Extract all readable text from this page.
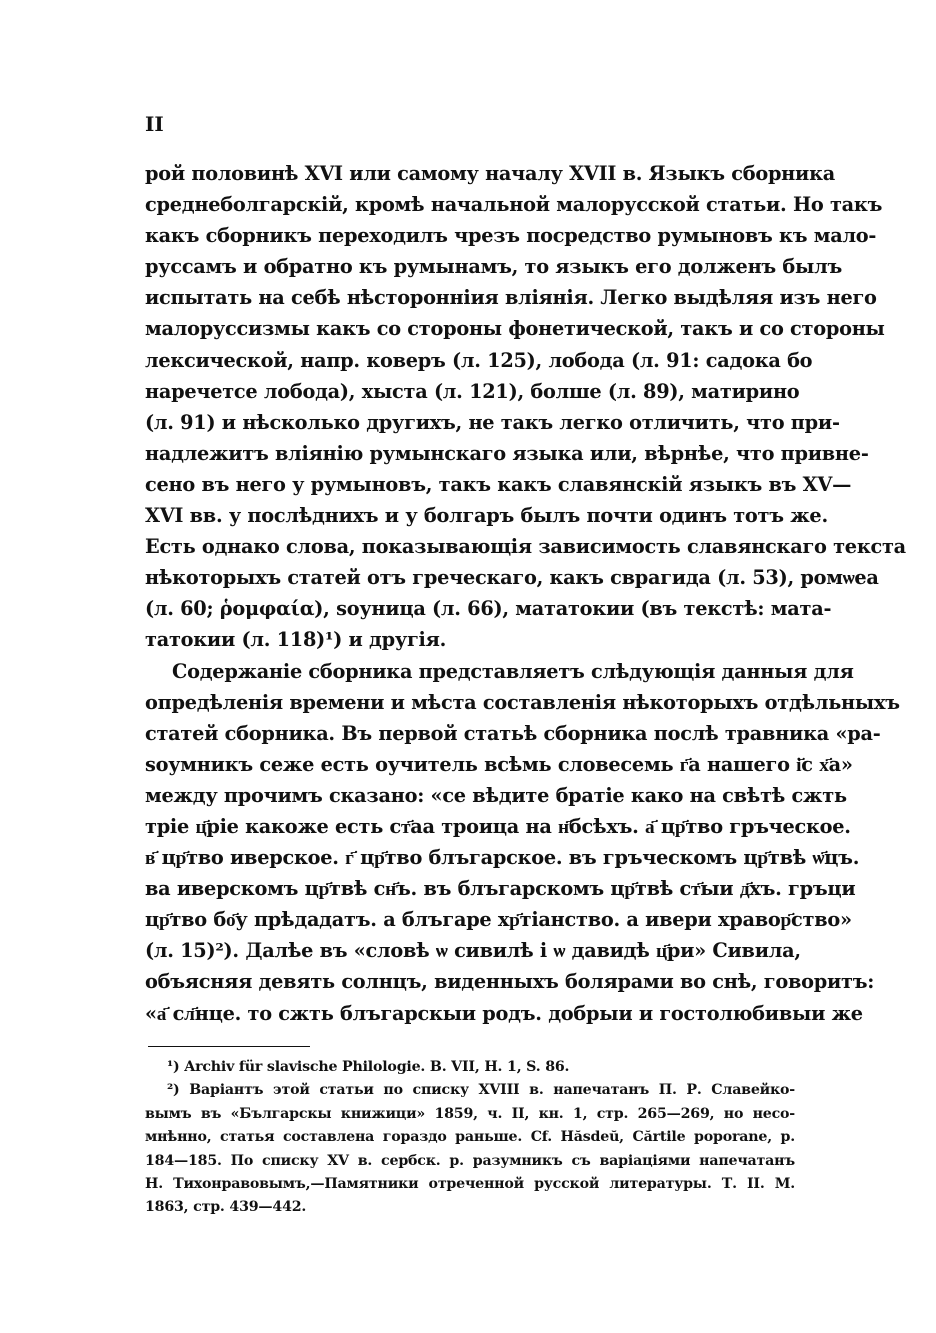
II
рой половинѣ XVI или самому началу XVII в. Языкъ сборника
среднеболгарскій, кромѣ начальной малорусской статьи. Но такъ
какъ сборникъ переходилъ чрезъ посредство румыновъ къ мало-
руссамъ и обратно къ румынамъ, то языкъ его долженъ былъ
испытать на себѣ нѣсторонніия вліянія. Легко выдѣляя изъ него
малоруссизмы какъ со стороны фонетической, такъ и со стороны
лексической, напр. коверъ (л. 125), лобода (л. 91: садока бо
наречетсе лобода), хыста (л. 121), болше (л. 89), матирино
(л. 91) и нѣсколько другихъ, не такъ легко отличить, что при-
надлежитъ вліянію румынскаго языка или, вѣрнѣе, что привне-
сено въ него у румыновъ, такъ какъ славянскій языкъ въ XV—
XVI вв. у послѣднихъ и у болгаръ былъ почти одинъ тотъ же.
Есть однако слова, показывающія зависимость славянскаго текста
нѣкоторыхъ статей отъ греческаго, какъ сврагида (л. 53), ромѡеа
(л. 60; ῥομφαία), ѕоуница (л. 66), мататокии (въ текстѣ: мата-
татокии (л. 118)¹) и другія.
Содержаніе сборника представляетъ слѣдующія данныя для
опредѣленія времени и мѣста составленія нѣкоторыхъ отдѣльныхъ
статей сборника. Въ первой статьѣ сборника послѣ травника «ра-
ѕоумникъ сеже есть оучитель всѣмь словесемь г҃а нашего і҃с х҃а»
между прочимъ сказано: «се вѣдите братіе како на свѣтѣ сжть
тріе ц҃ріе какоже есть ст҃аа троица на н҃бсѣхъ. а҃ цр҃тво гръческое.
в҃ цр҃тво иверское. г҃ цр҃тво блъгарское. въ гръческомъ цр҃твѣ ѡ҃цъ.
ва иверскомъ цр҃твѣ сн҃ъ. въ блъгарскомъ цр҃твѣ ст҃ыи д҃хъ. гръци
цр҃тво бо҃у прѣдадатъ. а блъгаре хр҃тіанство. а ивери хравор҃ство»
(л. 15)²). Далѣе въ «словѣ ѡ сивилѣ і ѡ давидѣ ц҃ри» Сивила,
объясняя девять солнцъ, виденныхъ болярами во снѣ, говоритъ:
«а҃ сл҃нце. то сжть блъгарскыи родъ. добрыи и гостолюбивыи же
¹) Archiv für slavische Philologie. B. VII, H. 1, S. 86.
²) Варіантъ этой статьи по списку XVIII в. напечатанъ П. Р. Славейко-
вымъ въ «Българскы книжици» 1859, ч. II, кн. 1, стр. 265—269, но несо-
мнѣнно, статья составлена гораздо раньше. Cf. Hăsdeŭ, Cărtile poporane, p.
184—185. По списку XV в. сербск. р. разумникъ съ варіаціями напечатанъ
Н. Тихонравовымъ,—Памятники отреченной русской литературы. Т. II. М.
1863, стр. 439—442.
